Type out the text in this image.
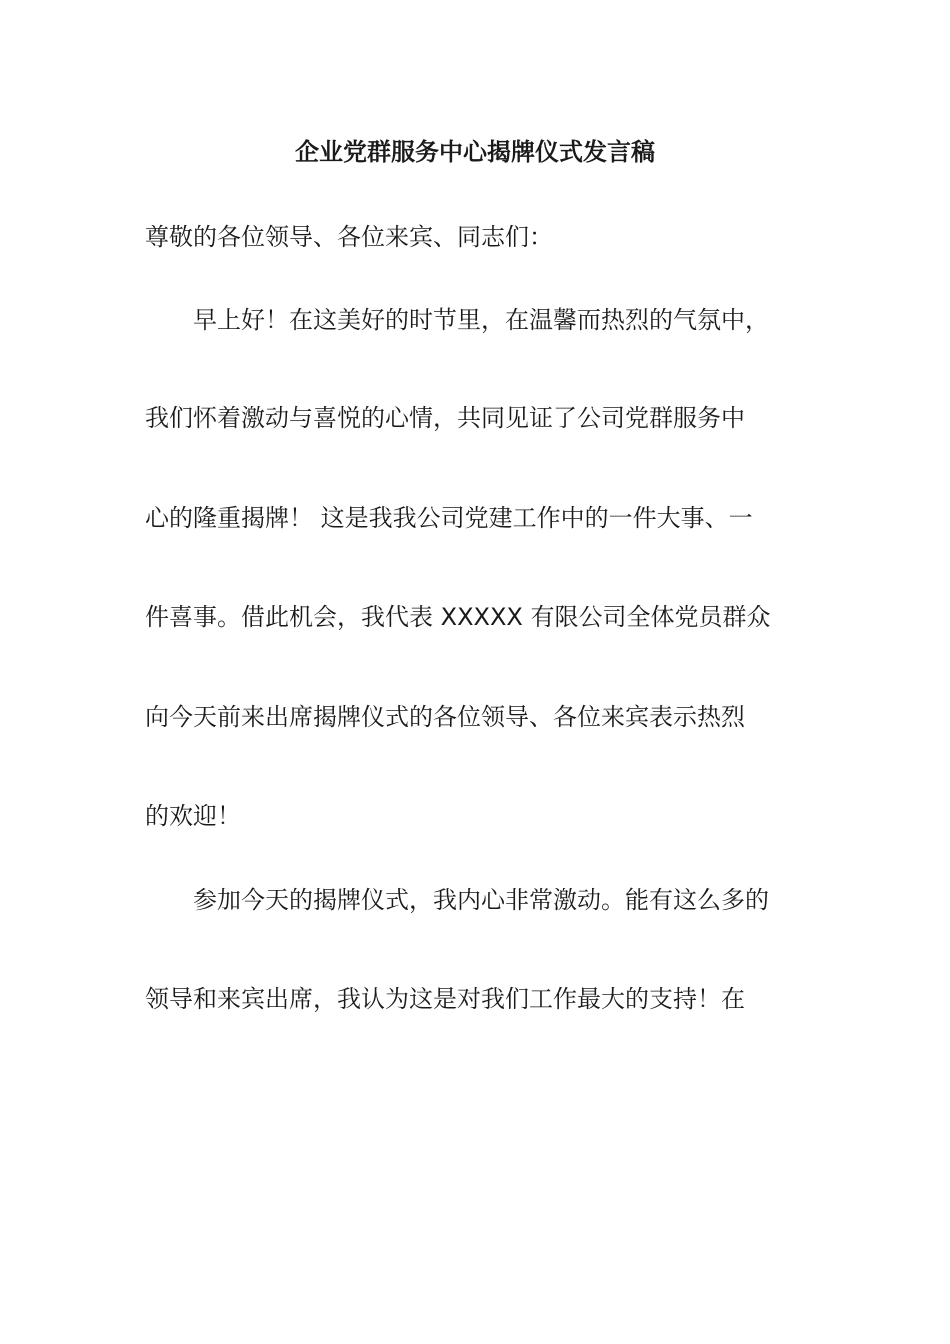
企业党群服务中心揭牌仪式发言稿
尊敬的各位领导、各位来宾、同志们：
早上好！在这美好的时节里，在温馨而热烈的气氛中，
我们怀着激动与喜悦的心情，共同见证了公司党群服务中
心的隆重揭牌！ 这是我我公司党建工作中的一件大事、一
件喜事。借此机会，我代表 XXXXX 有限公司全体党员群众
向今天前来出席揭牌仪式的各位领导、各位来宾表示热烈
的欢迎！
参加今天的揭牌仪式，我内心非常激动。能有这么多的
领导和来宾出席，我认为这是对我们工作最大的支持！在
